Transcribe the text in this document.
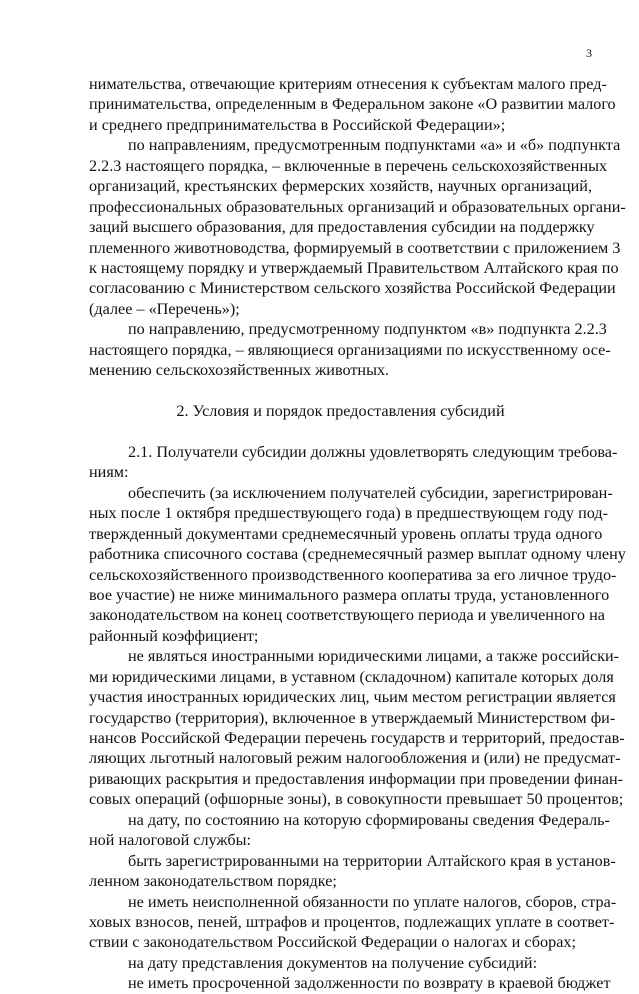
3
нимательства, отвечающие критериям отнесения к субъектам малого пред-
принимательства, определенным в Федеральном законе «О развитии малого
и среднего предпринимательства в Российской Федерации»;
по направлениям, предусмотренным подпунктами «а» и «б» подпункта
2.2.3 настоящего порядка, – включенные в перечень сельскохозяйственных
организаций, крестьянских фермерских хозяйств, научных организаций,
профессиональных образовательных организаций и образовательных органи-
заций высшего образования, для предоставления субсидии на поддержку
племенного животноводства, формируемый в соответствии с приложением 3
к настоящему порядку и утверждаемый Правительством Алтайского края по
согласованию с Министерством сельского хозяйства Российской Федерации
(далее – «Перечень»);
по направлению, предусмотренному подпунктом «в» подпункта 2.2.3
настоящего порядка, – являющиеся организациями по искусственному осе-
менению сельскохозяйственных животных.
2. Условия и порядок предоставления субсидий
2.1. Получатели субсидии должны удовлетворять следующим требова-
ниям:
обеспечить (за исключением получателей субсидии, зарегистрирован-
ных после 1 октября предшествующего года) в предшествующем году под-
твержденный документами среднемесячный уровень оплаты труда одного
работника списочного состава (среднемесячный размер выплат одному члену
сельскохозяйственного производственного кооператива за его личное трудо-
вое участие) не ниже минимального размера оплаты труда, установленного
законодательством на конец соответствующего периода и увеличенного на
районный коэффициент;
не являться иностранными юридическими лицами, а также российски-
ми юридическими лицами, в уставном (складочном) капитале которых доля
участия иностранных юридических лиц, чьим местом регистрации является
государство (территория), включенное в утверждаемый Министерством фи-
нансов Российской Федерации перечень государств и территорий, предостав-
ляющих льготный налоговый режим налогообложения и (или) не предусмат-
ривающих раскрытия и предоставления информации при проведении финан-
совых операций (офшорные зоны), в совокупности превышает 50 процентов;
на дату, по состоянию на которую сформированы сведения Федераль-
ной налоговой службы:
быть зарегистрированными на территории Алтайского края в установ-
ленном законодательством порядке;
не иметь неисполненной обязанности по уплате налогов, сборов, стра-
ховых взносов, пеней, штрафов и процентов, подлежащих уплате в соответ-
ствии с законодательством Российской Федерации о налогах и сборах;
на дату представления документов на получение субсидий:
не иметь просроченной задолженности по возврату в краевой бюджет
